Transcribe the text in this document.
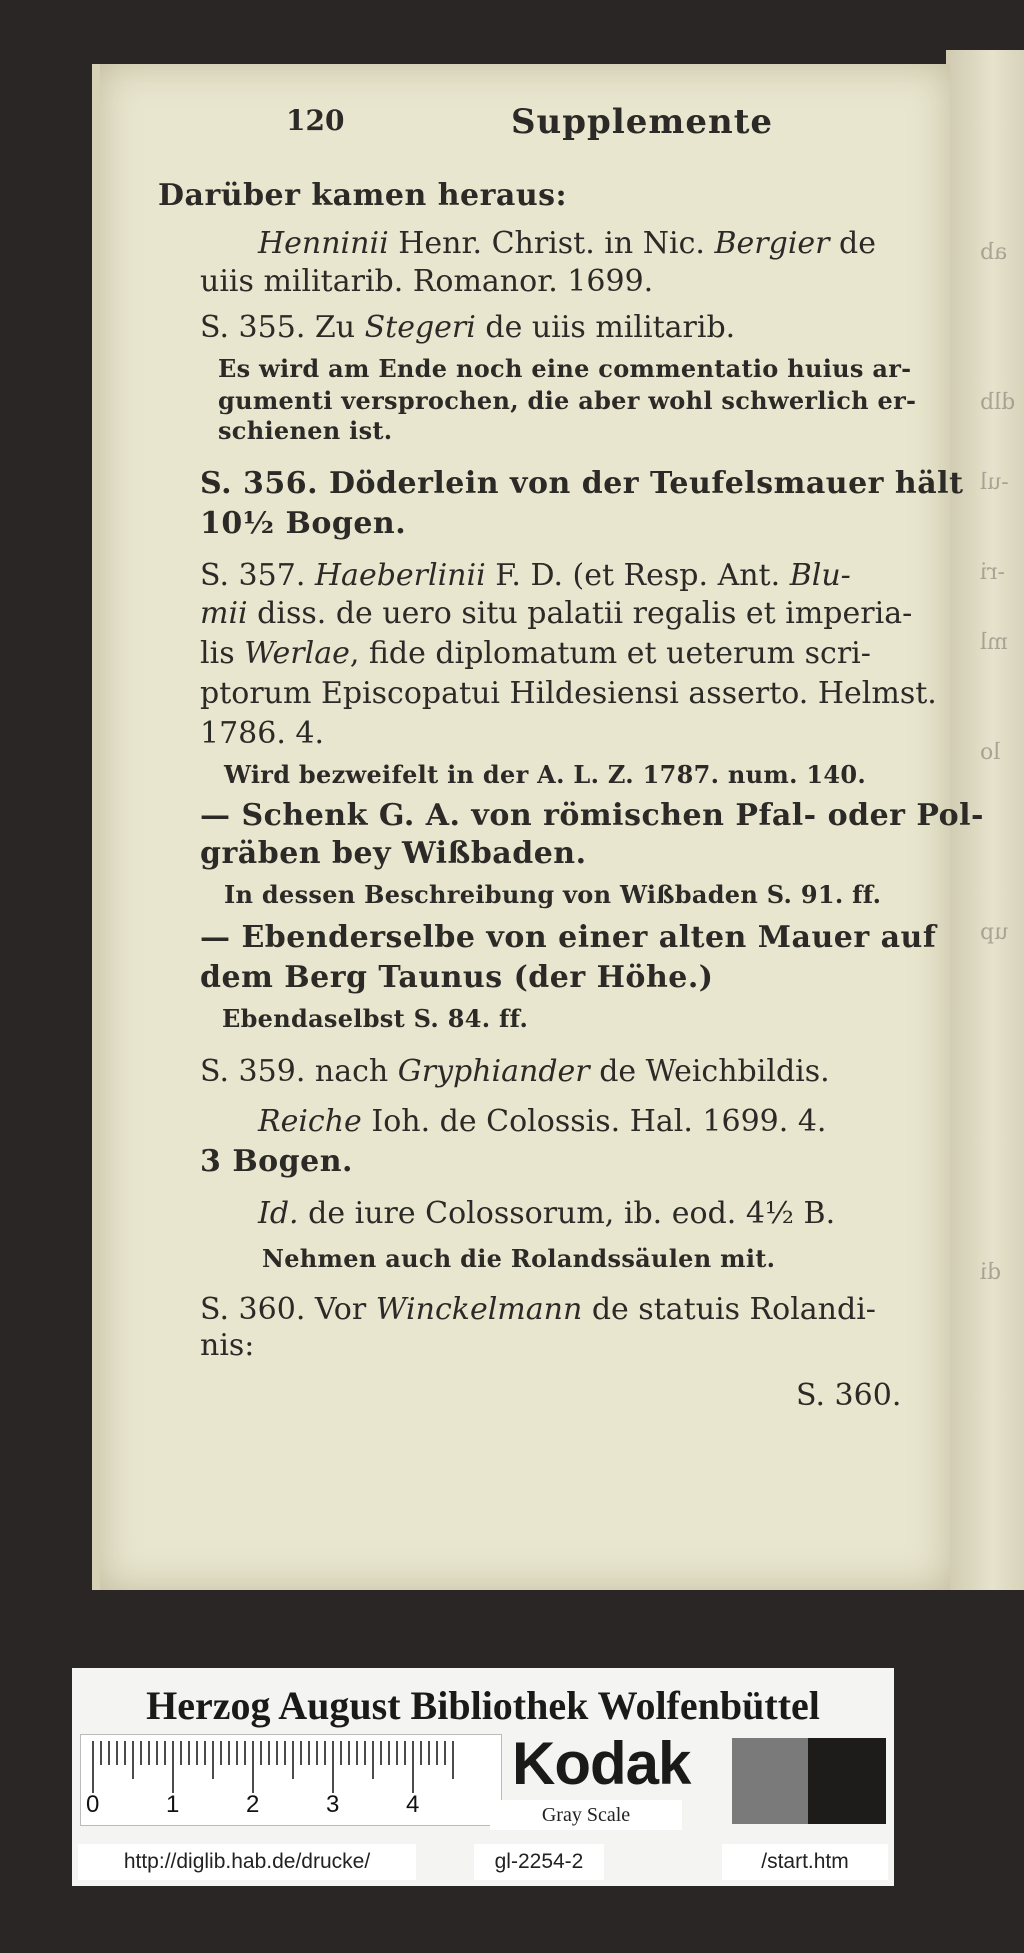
ab
dlb
-ul
-ri
ml
lo
up
di
120	Supplemente
Darüber kamen heraus:
Henninii Henr. Christ. in Nic. Bergier de
uiis militarib. Romanor. 1699.
S. 355. Zu Stegeri de uiis militarib.
Es wird am Ende noch eine commentatio huius ar-
gumenti versprochen, die aber wohl schwerlich er-
schienen ist.
S. 356. Döderlein von der Teufelsmauer hält
10½ Bogen.
S. 357. Haeberlinii F. D. (et Resp. Ant. Blu-
mii diss. de uero situ palatii regalis et imperia-
lis Werlae, fide diplomatum et ueterum scri-
ptorum Episcopatui Hildesiensi asserto. Helmst.
1786. 4.
Wird bezweifelt in der A. L. Z. 1787. num. 140.
— Schenk G. A. von römischen Pfal- oder Pol-
gräben bey Wißbaden.
In dessen Beschreibung von Wißbaden S. 91. ff.
— Ebenderselbe von einer alten Mauer auf
dem Berg Taunus (der Höhe.)
Ebendaselbst S. 84. ff.
S. 359. nach Gryphiander de Weichbildis.
Reiche Ioh. de Colossis. Hal. 1699. 4.
3 Bogen.
Id. de iure Colossorum, ib. eod. 4½ B.
Nehmen auch die Rolandssäulen mit.
S. 360. Vor Winckelmann de statuis Rolandi-
nis:
S. 360.
Herzog August Bibliothek Wolfenbüttel
0	1	2	3	4
Kodak
Gray Scale
http://diglib.hab.de/drucke/	gl-2254-2	/start.htm
